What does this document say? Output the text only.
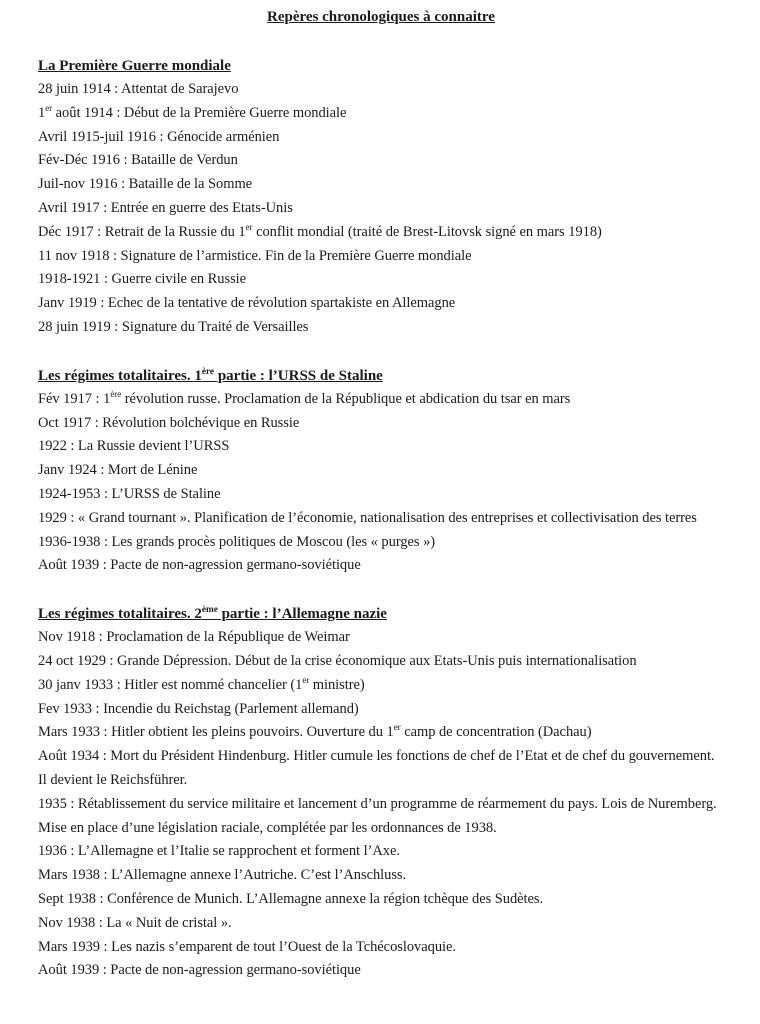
Repères chronologiques à connaitre
La Première Guerre mondiale

28 juin 1914 : Attentat de Sarajevo

1er août 1914 : Début de la Première Guerre mondiale

Avril 1915-juil 1916 : Génocide arménien

Fév-Déc 1916 : Bataille de Verdun

Juil-nov 1916 : Bataille de la Somme

Avril 1917 : Entrée en guerre des Etats-Unis

Déc 1917 : Retrait de la Russie du 1er conflit mondial (traité de Brest-Litovsk signé en mars 1918)

11 nov 1918 : Signature de l’armistice. Fin de la Première Guerre mondiale

1918-1921 : Guerre civile en Russie

Janv 1919 : Echec de la tentative de révolution spartakiste en Allemagne

28 juin 1919 : Signature du Traité de Versailles

Les régimes totalitaires. 1ère partie : l’URSS de Staline

Fév 1917 : 1ère révolution russe. Proclamation de la République et abdication du tsar en mars

Oct 1917 : Révolution bolchévique en Russie

1922 : La Russie devient l’URSS

Janv 1924 : Mort de Lénine

1924-1953 : L’URSS de Staline

1929 : « Grand tournant ». Planification de l’économie, nationalisation des entreprises et collectivisation des terres

1936-1938 : Les grands procès politiques de Moscou (les « purges »)

Août 1939 : Pacte de non-agression germano-soviétique

Les régimes totalitaires. 2ème partie : l’Allemagne nazie

Nov 1918 : Proclamation de la République de Weimar

24 oct 1929 : Grande Dépression. Début de la crise économique aux Etats-Unis puis internationalisation

30 janv 1933 : Hitler est nommé chancelier (1er ministre)

Fev 1933 : Incendie du Reichstag (Parlement allemand)

Mars 1933 : Hitler obtient les pleins pouvoirs. Ouverture du 1er camp de concentration (Dachau)

Août 1934 : Mort du Président Hindenburg. Hitler cumule les fonctions de chef de l’Etat et de chef du gouvernement. Il devient le Reichsführer.

1935 : Rétablissement du service militaire et lancement d’un programme de réarmement du pays. Lois de Nuremberg. Mise en place d’une législation raciale, complétée par les ordonnances de 1938.

1936 : L’Allemagne et l’Italie se rapprochent et forment l’Axe.

Mars 1938 : L’Allemagne annexe l’Autriche. C’est l’Anschluss.

Sept 1938 : Conférence de Munich. L’Allemagne annexe la région tchèque des Sudètes.

Nov 1938 : La « Nuit de cristal ».

Mars 1939 : Les nazis s’emparent de tout l’Ouest de la Tchécoslovaquie.

Août 1939 : Pacte de non-agression germano-soviétique
